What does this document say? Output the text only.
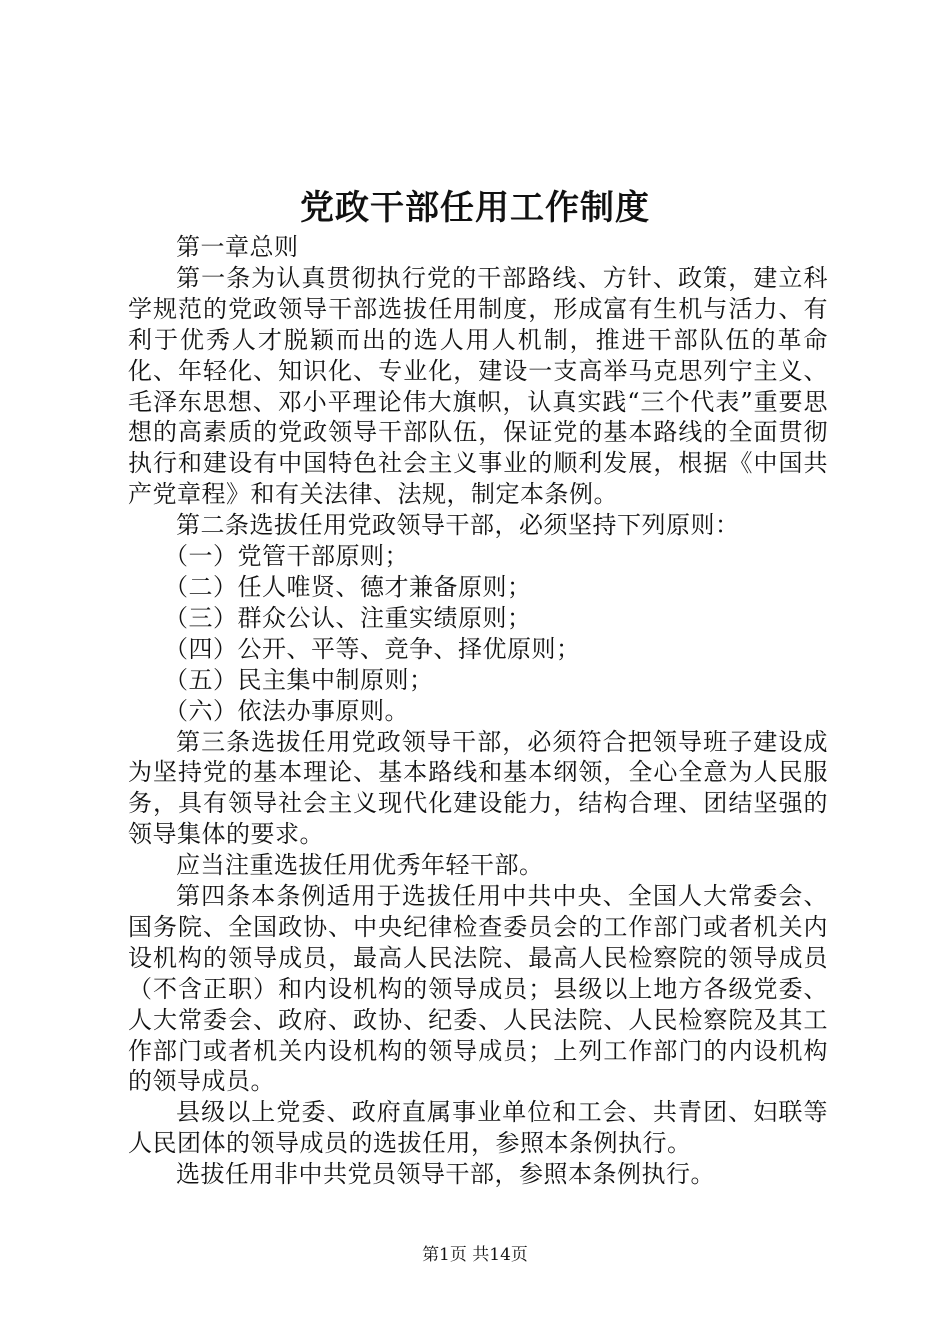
党政干部任用工作制度

第一章总则

第一条为认真贯彻执行党的干部路线、方针、政策，建立科学规范的党政领导干部选拔任用制度，形成富有生机与活力、有利于优秀人才脱颖而出的选人用人机制，推进干部队伍的革命化、年轻化、知识化、专业化，建设一支高举马克思列宁主义、毛泽东思想、邓小平理论伟大旗帜，认真实践“三个代表”重要思想的高素质的党政领导干部队伍，保证党的基本路线的全面贯彻执行和建设有中国特色社会主义事业的顺利发展，根据《中国共产党章程》和有关法律、法规，制定本条例。

第二条选拔任用党政领导干部，必须坚持下列原则：

（一）党管干部原则；

（二）任人唯贤、德才兼备原则；

（三）群众公认、注重实绩原则；

（四）公开、平等、竞争、择优原则；

（五）民主集中制原则；

（六）依法办事原则。

第三条选拔任用党政领导干部，必须符合把领导班子建设成为坚持党的基本理论、基本路线和基本纲领，全心全意为人民服务，具有领导社会主义现代化建设能力，结构合理、团结坚强的领导集体的要求。

应当注重选拔任用优秀年轻干部。

第四条本条例适用于选拔任用中共中央、全国人大常委会、国务院、全国政协、中央纪律检查委员会的工作部门或者机关内设机构的领导成员，最高人民法院、最高人民检察院的领导成员（不含正职）和内设机构的领导成员；县级以上地方各级党委、人大常委会、政府、政协、纪委、人民法院、人民检察院及其工作部门或者机关内设机构的领导成员；上列工作部门的内设机构的领导成员。

县级以上党委、政府直属事业单位和工会、共青团、妇联等人民团体的领导成员的选拔任用，参照本条例执行。

选拔任用非中共党员领导干部，参照本条例执行。

第1页 共14页
